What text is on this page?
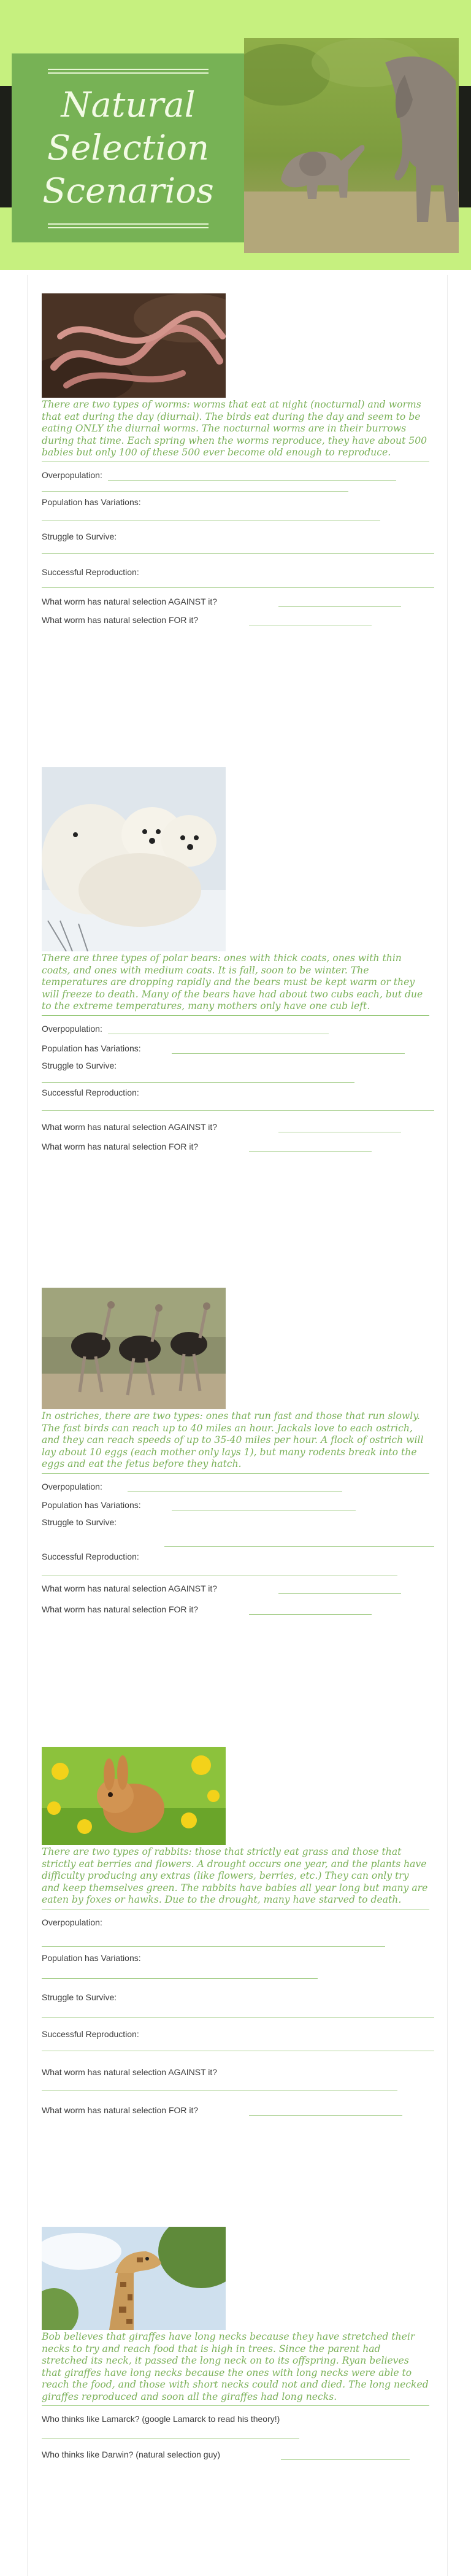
Natural
Selection
Scenarios
There are two types of worms: worms that eat at night (nocturnal) and worms that eat during the day (diurnal). The birds eat during the day and seem to be eating ONLY the diurnal worms. The nocturnal worms are in their burrows during that time. Each spring when the worms reproduce, they have about 500 babies but only 100 of these 500 ever become old enough to reproduce.
Overpopulation:
Population has Variations:
Struggle to Survive:
Successful Reproduction:
What worm has natural selection AGAINST it?
What worm has natural selection FOR it?
There are three types of polar bears: ones with thick coats, ones with thin coats, and ones with medium coats. It is fall, soon to be winter. The temperatures are dropping rapidly and the bears must be kept warm or they will freeze to death. Many of the bears have had about two cubs each, but due to the extreme temperatures, many mothers only have one cub left.
Overpopulation:
Population has Variations:
Struggle to Survive:
Successful Reproduction:
What worm has natural selection AGAINST it?
What worm has natural selection FOR it?
In ostriches, there are two types: ones that run fast and those that run slowly. The fast birds can reach up to 40 miles an hour. Jackals love to each ostrich, and they can reach speeds of up to 35-40 miles per hour. A flock of ostrich will lay about 10 eggs (each mother only lays 1), but many rodents break into the eggs and eat the fetus before they hatch.
Overpopulation:
Population has Variations:
Struggle to Survive:
Successful Reproduction:
What worm has natural selection AGAINST it?
What worm has natural selection FOR it?
There are two types of rabbits: those that strictly eat grass and those that strictly eat berries and flowers. A drought occurs one year, and the plants have difficulty producing any extras (like flowers, berries, etc.) They can only try and keep themselves green. The rabbits have babies all year long but many are eaten by foxes or hawks. Due to the drought, many have starved to death.
Overpopulation:
Population has Variations:
Struggle to Survive:
Successful Reproduction:
What worm has natural selection AGAINST it?
What worm has natural selection FOR it?
Bob believes that giraffes have long necks because they have stretched their necks to try and reach food that is high in trees. Since the parent had stretched its neck, it passed the long neck on to its offspring. Ryan believes that giraffes have long necks because the ones with long necks were able to reach the food, and those with short necks could not and died. The long necked giraffes reproduced and soon all the giraffes had long necks.
Who thinks like Lamarck? (google Lamarck to read his theory!)
Who thinks like Darwin? (natural selection guy)
